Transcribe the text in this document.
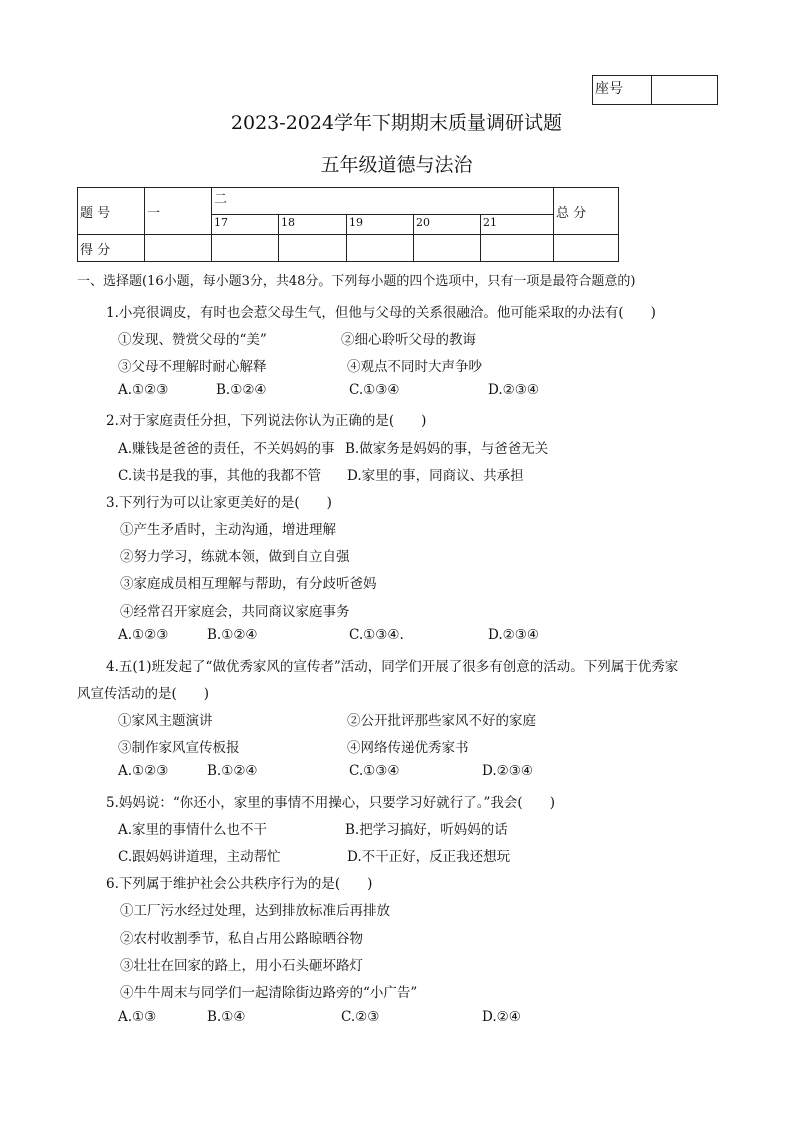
座号
2023-2024学年下期期末质量调研试题
五年级道德与法治
题 号	一	二					总 分
		17	18	19	20	21	
得 分							
一、选择题(16小题，每小题3分，共48分。下列每小题的四个选项中，只有一项是最符合题意的)
1.小亮很调皮，有时也会惹父母生气，但他与父母的关系很融洽。他可能采取的办法有(　　)
①发现、赞赏父母的“美”	②细心聆听父母的教诲
③父母不理解时耐心解释	④观点不同时大声争吵
A.①②③	B.①②④	C.①③④	D.②③④
2.对于家庭责任分担，下列说法你认为正确的是(　　)
A.赚钱是爸爸的责任，不关妈妈的事 B.做家务是妈妈的事，与爸爸无关
C.读书是我的事，其他的我都不管 D.家里的事，同商议、共承担
3.下列行为可以让家更美好的是(　　)
①产生矛盾时，主动沟通，增进理解
②努力学习，练就本领，做到自立自强
③家庭成员相互理解与帮助，有分歧听爸妈
④经常召开家庭会，共同商议家庭事务
A.①②③	B.①②④	C.①③④.	D.②③④
4.五(1)班发起了“做优秀家风的宣传者”活动，同学们开展了很多有创意的活动。下列属于优秀家
风宣传活动的是(　　)
①家风主题演讲	②公开批评那些家风不好的家庭
③制作家风宣传板报	④网络传递优秀家书
A.①②③	B.①②④	C.①③④	D.②③④
5.妈妈说：“你还小，家里的事情不用操心，只要学习好就行了。”我会(　　)
A.家里的事情什么也不干	B.把学习搞好，听妈妈的话
C.跟妈妈讲道理，主动帮忙	D.不干正好，反正我还想玩
6.下列属于维护社会公共秩序行为的是(　　)
①工厂污水经过处理，达到排放标准后再排放
②农村收割季节，私自占用公路晾晒谷物
③壮壮在回家的路上，用小石头砸坏路灯
④牛牛周末与同学们一起清除街边路旁的“小广告”
A.①③	B.①④	C.②③	D.②④
